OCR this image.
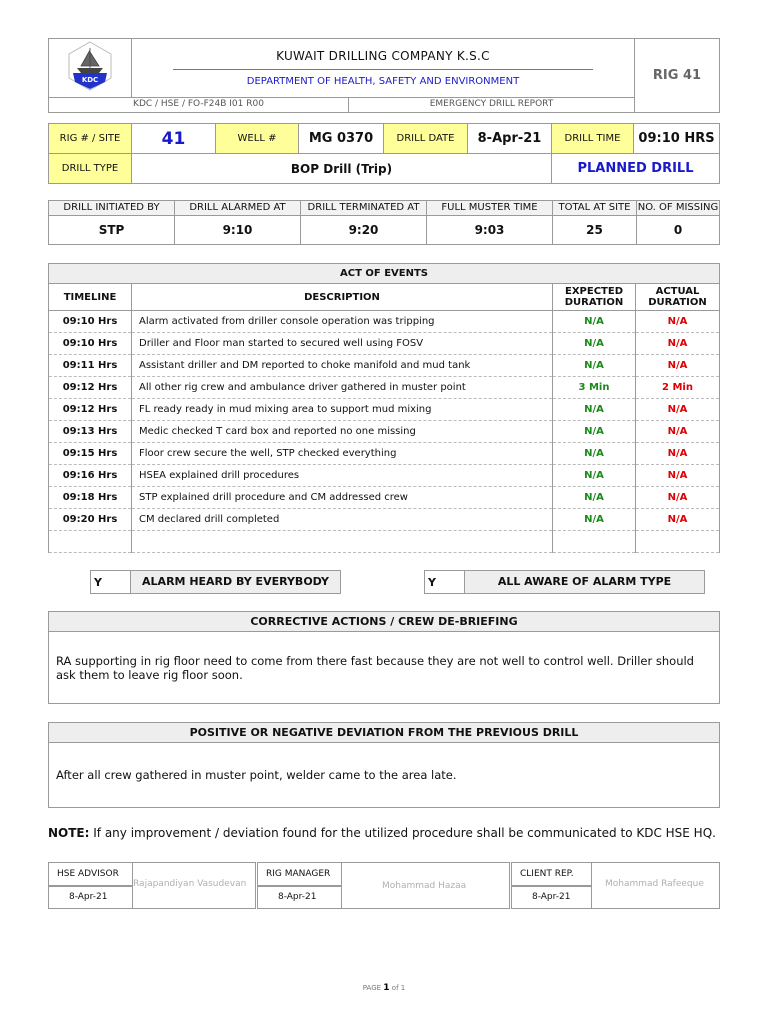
KDC

KUWAIT DRILLING COMPANY K.S.C
DEPARTMENT OF HEALTH, SAFETY AND ENVIRONMENT	RIG 41

KDC / HSE / FO-F24B I01 R00	EMERGENCY DRILL REPORT
RIG # / SITE	41	WELL #	MG 0370	DRILL DATE	8-Apr-21	DRILL TIME	09:10 HRS
DRILL TYPE	BOP Drill (Trip)					PLANNED DRILL	
DRILL INITIATED BY	DRILL ALARMED AT	DRILL TERMINATED AT	FULL MUSTER TIME	TOTAL AT SITE	NO. OF MISSING
STP	9:10	9:20	9:03	25	0
ACT OF EVENTS			
TIMELINE	DESCRIPTION	EXPECTED DURATION	ACTUAL DURATION
09:10 Hrs	Alarm activated from driller console operation was tripping	N/A	N/A
09:10 Hrs	Driller and Floor man started to secured well using FOSV	N/A	N/A
09:11 Hrs	Assistant driller and DM reported to choke manifold and mud tank	N/A	N/A
09:12 Hrs	All other rig crew and ambulance driver gathered in muster point	3 Min	2 Min
09:12 Hrs	FL ready ready in mud mixing area to support mud mixing	N/A	N/A
09:13 Hrs	Medic checked T card box and reported no one missing	N/A	N/A
09:15 Hrs	Floor crew secure the well, STP checked everything	N/A	N/A
09:16 Hrs	HSEA explained drill procedures	N/A	N/A
09:18 Hrs	STP explained drill procedure and CM addressed crew	N/A	N/A
09:20 Hrs	CM declared drill completed	N/A	N/A

Y	ALARM HEARD BY EVERYBODY	Y	ALL AWARE OF ALARM TYPE
CORRECTIVE ACTIONS / CREW DE-BRIEFING
RA supporting in rig floor need to come from there fast because they are not well to control well. Driller should ask them to leave rig floor soon.
POSITIVE OR NEGATIVE DEVIATION FROM THE PREVIOUS DRILL
After all crew gathered in muster point, welder came to the area late.
NOTE: If any improvement / deviation found for the utilized procedure shall be communicated to KDC HSE HQ.
HSE ADVISOR
Rajapandiyan Vasudevan
8-Apr-21
RIG MANAGER
Mohammad Hazaa
8-Apr-21
CLIENT REP.
Mohammad Rafeeque
8-Apr-21
PAGE 1 of 1
